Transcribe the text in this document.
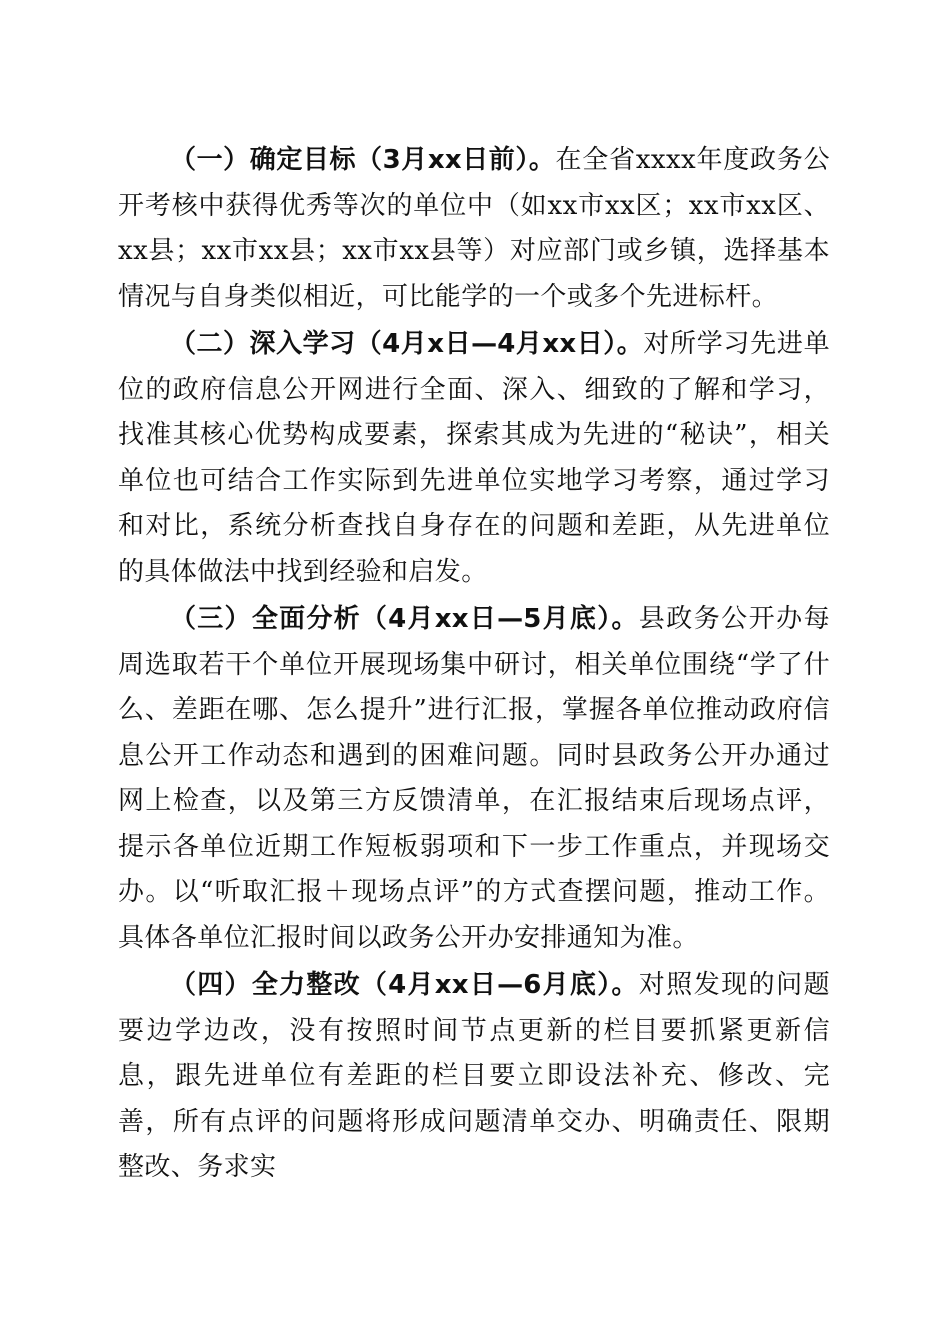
（一）确定目标（3月xx日前）。在全省xxxx年度政务公开考核中获得优秀等次的单位中（如xx市xx区；xx市xx区、xx县；xx市xx县；xx市xx县等）对应部门或乡镇，选择基本情况与自身类似相近，可比能学的一个或多个先进标杆。

（二）深入学习（4月x日—4月xx日）。对所学习先进单位的政府信息公开网进行全面、深入、细致的了解和学习，找准其核心优势构成要素，探索其成为先进的“秘诀”，相关单位也可结合工作实际到先进单位实地学习考察，通过学习和对比，系统分析查找自身存在的问题和差距，从先进单位的具体做法中找到经验和启发。

（三）全面分析（4月xx日—5月底）。县政务公开办每周选取若干个单位开展现场集中研讨，相关单位围绕“学了什么、差距在哪、怎么提升”进行汇报，掌握各单位推动政府信息公开工作动态和遇到的困难问题。同时县政务公开办通过网上检查，以及第三方反馈清单，在汇报结束后现场点评，提示各单位近期工作短板弱项和下一步工作重点，并现场交办。以“听取汇报＋现场点评”的方式查摆问题，推动工作。具体各单位汇报时间以政务公开办安排通知为准。

（四）全力整改（4月xx日—6月底）。对照发现的问题要边学边改，没有按照时间节点更新的栏目要抓紧更新信息，跟先进单位有差距的栏目要立即设法补充、修改、完善，所有点评的问题将形成问题清单交办、明确责任、限期整改、务求实
